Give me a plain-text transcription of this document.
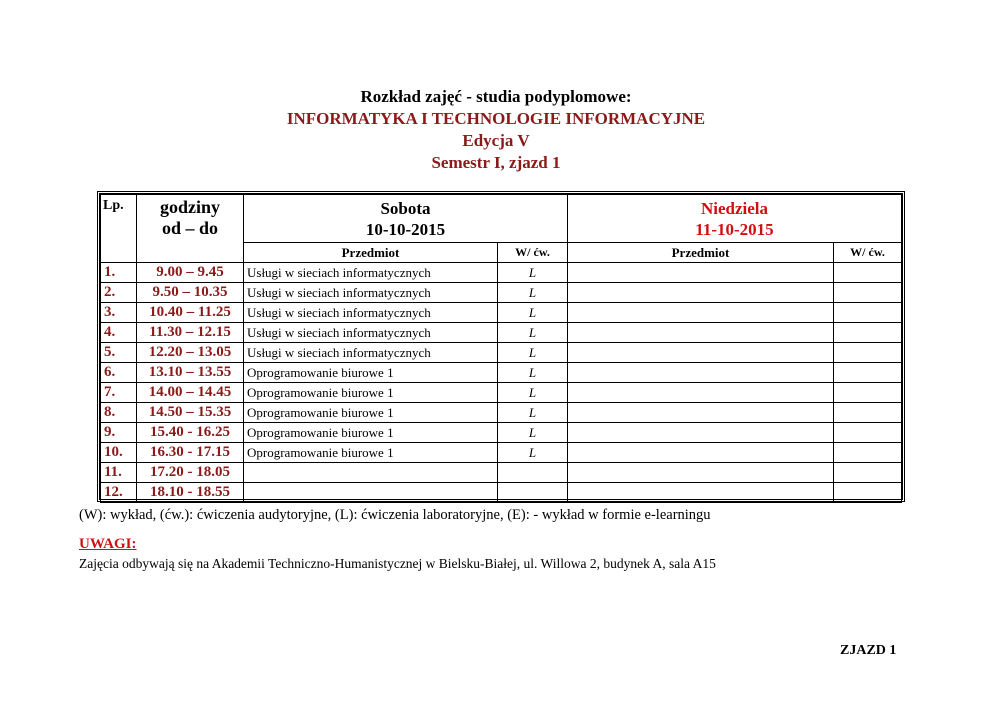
Rozkład zajęć - studia podyplomowe:
INFORMATYKA I TECHNOLOGIE INFORMACYJNE
Edycja V
Semestr I, zjazd 1
Lp.	godziny
od – do	Sobota
10-10-2015		Niedziela
11-10-2015	
		Przedmiot	W/ ćw.	Przedmiot	W/ ćw.
1.	9.00 – 9.45	Usługi w sieciach informatycznych	L		
2.	9.50 – 10.35	Usługi w sieciach informatycznych	L		
3.	10.40 – 11.25	Usługi w sieciach informatycznych	L		
4.	11.30 – 12.15	Usługi w sieciach informatycznych	L		
5.	12.20 – 13.05	Usługi w sieciach informatycznych	L		
6.	13.10 – 13.55	Oprogramowanie biurowe 1	L		
7.	14.00 – 14.45	Oprogramowanie biurowe 1	L		
8.	14.50 – 15.35	Oprogramowanie biurowe 1	L		
9.	15.40 - 16.25	Oprogramowanie biurowe 1	L		
10.	16.30 - 17.15	Oprogramowanie biurowe 1	L		
11.	17.20 - 18.05				
12.	18.10 - 18.55				
(W): wykład, (ćw.): ćwiczenia audytoryjne, (L): ćwiczenia laboratoryjne, (E): - wykład w formie e-learningu
UWAGI:
Zajęcia odbywają się na Akademii Techniczno-Humanistycznej w Bielsku-Białej, ul. Willowa 2, budynek A, sala A15
ZJAZD 1
